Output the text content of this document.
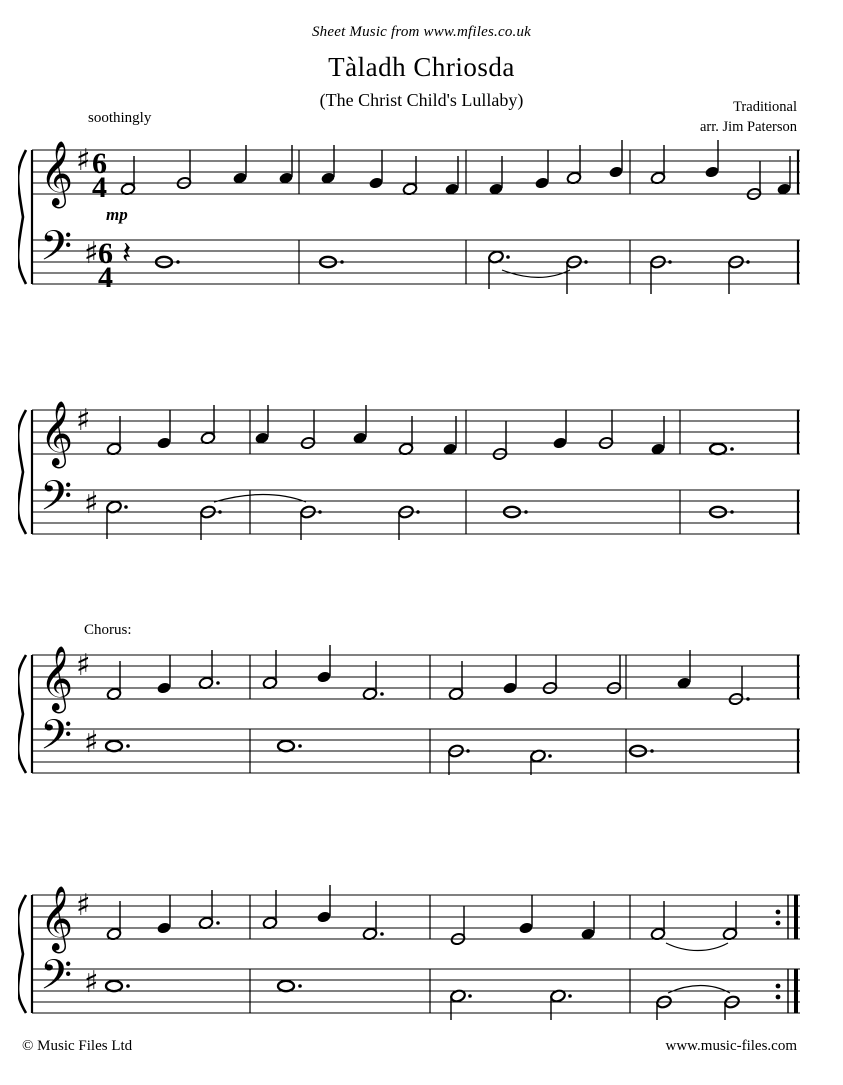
Sheet Music from www.mfiles.co.uk
Tàladh Chriosda
(The Christ Child's Lullaby)	Traditional
arr. Jim Paterson
soothingly
Chorus:
𝄞 ♯ 6
4
𝄢 ♯ 6
4
mp
𝄽
𝄞 ♯
𝄢 ♯
𝄞 ♯
𝄢 ♯
𝄞 ♯
𝄢 ♯
© Music Files Ltd	www.music-files.com
